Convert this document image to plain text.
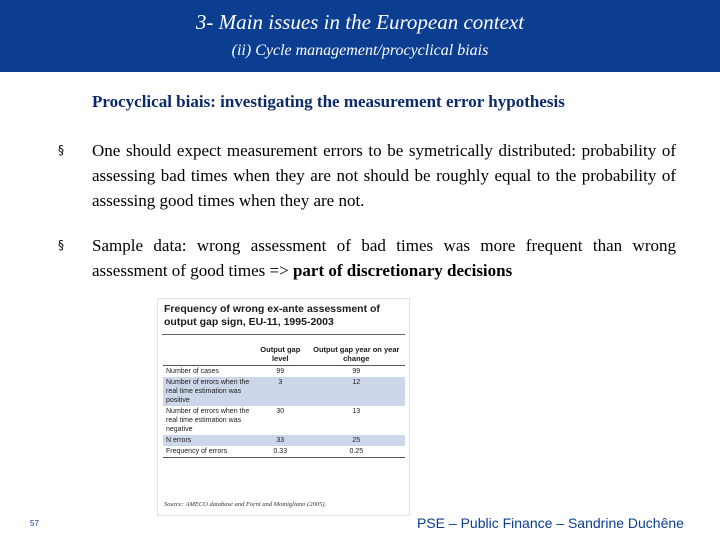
3- Main issues in the European context
(ii) Cycle management/procyclical biais
Procyclical biais: investigating the measurement error hypothesis
§ One should expect measurement errors to be symetrically distributed: probability of assessing bad times when they are not should be roughly equal to the probability of assessing good times when they are not.
§ Sample data: wrong assessment of bad times was more frequent than wrong assessment of good times => part of discretionary decisions
Frequency of wrong ex-ante assessment of output gap sign, EU-11, 1995-2003
	Output gap level	Output gap year on year change
Number of cases	99	99
Number of errors when the real time estimation was positive	3	12
Number of errors when the real time estimation was negative	30	13
N errors	33	25
Frequency of errors	0.33	0.25
Source: AMECO database and Forni and Momigliano (2005).
57	PSE – Public Finance – Sandrine Duchêne
